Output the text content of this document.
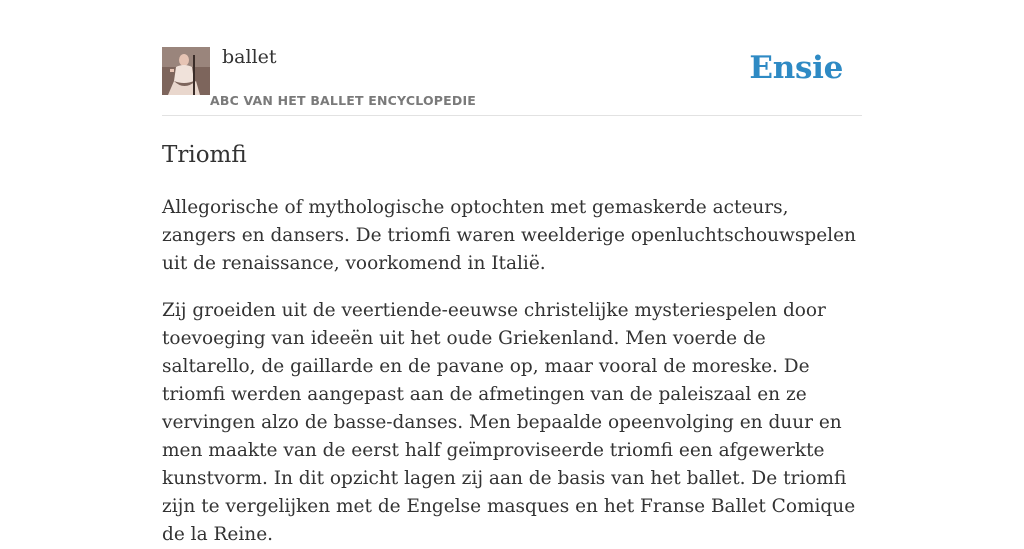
ballet
ABC VAN HET BALLET ENCYCLOPEDIE
Ensie
Triomfi

Allegorische of mythologische optochten met gemaskerde acteurs, zangers en dansers. De triomfi waren weelderige openluchtschouwspelen uit de renaissance, voorkomend in Italië.

Zij groeiden uit de veertiende-eeuwse christelijke mysteriespelen door toevoeging van ideeën uit het oude Griekenland. Men voerde de saltarello, de gaillarde en de pavane op, maar vooral de moreske. De triomfi werden aangepast aan de afmetingen van de paleiszaal en ze vervingen alzo de basse-danses. Men bepaalde opeenvolging en duur en men maakte van de eerst half geïmproviseerde triomfi een afgewerkte kunstvorm. In dit opzicht lagen zij aan de basis van het ballet. De triomfi zijn te vergelijken met de Engelse masques en het Franse Ballet Comique de la Reine.
